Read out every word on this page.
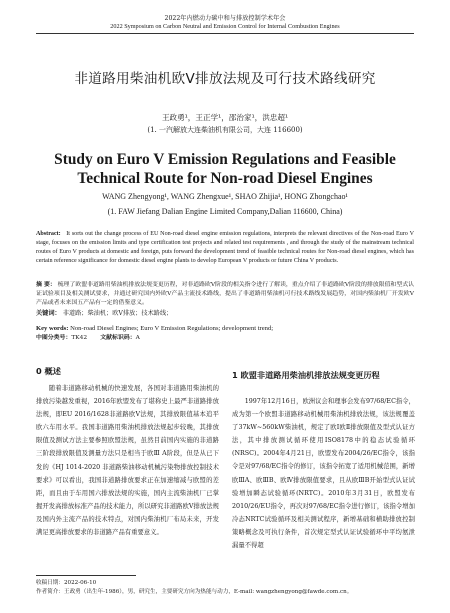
2022年内燃动力碳中和与排放控制学术年会
2022 Symposium on Carbon Neutral and Emission Control for Internal Combustion Engines
非道路用柴油机欧Ⅴ排放法规及可行技术路线研究
王政勇¹，王正学¹，邵治家¹，洪忠超¹
(1. 一汽解放大连柴油机有限公司，大连 116600)
Study on Euro V Emission Regulations and Feasible
Technical Route for Non-road Diesel Engines
WANG Zhengyong¹, WANG Zhengxue¹, SHAO Zhijia¹, HONG Zhongchao¹
(1. FAW Jiefang Dalian Engine Limited Company,Dalian 116600, China)
Abstract: It sorts out the change process of EU Non-road diesel engine emission regulations, interprets the relevant directives of the Non-road Euro V stage, focuses on the emission limits and type certification test projects and related test requirements , and through the study of the mainstream technical routes of Euro V products at domestic and foreign, puts forward the development trend of feasible technical routes for Non-road diesel engines, which has certain reference significance for domestic diesel engine plants to develop European V products or future China V products.
摘 要： 梳理了欧盟非道路用柴油机排放法规变更历程，对非道路欧Ⅴ阶段的相关指令进行了解读，重点介绍了非道路欧Ⅴ阶段的排放限值和型式认证试验项目及相关测试要求，并通过研究国内外欧Ⅴ产品主流技术路线，提出了非道路用柴油机可行技术路线发展趋势，对国内柴油机厂开发欧Ⅴ产品或者未来国五产品有一定的借鉴意义。
关键词： 非道路；柴油机；欧Ⅴ排放；技术路线；
Key words: Non-road Diesel Engines; Euro V Emission Regulations; development trend;
中图分类号：TK42 文献标识码：A
0 概述

随着非道路移动机械的快速发展，各国对非道路用柴油机的排放污染越发重视，2016年欧盟发布了堪称史上最严非道路排放法规，即EU 2016/1628非道路欧Ⅴ法规，其排放限值基本追平欧六车用水平。我国非道路用柴油机排放法规起步较晚，其排放限值及测试方法主要参照欧盟法规，虽然目前国内实施的非道路三阶段排放限值及测量方法只是相当于欧Ⅲ A阶段，但是从已下发的《HJ 1014-2020 非道路柴油移动机械污染物排放控制技术要求》可以看出，我国非道路排放要求正在加速缩减与欧盟的差距，而且由于车用国六排放法规的实施，国内主流柴油机厂已掌握开发高排放标准产品的技术能力，所以研究非道路欧Ⅴ排放法规及国内外主流产品的技术特点，对国内柴油机厂布局未来，开发满足更高排放要求的非道路产品有重要意义。

1 欧盟非道路用柴油机排放法规变更历程

1997年12月16日，欧洲议会和理事会发布97/68/EC指令，成为第一个欧盟非道路移动机械用柴油机排放法规，该法规覆盖了37kW~560kW柴油机，规定了欧Ⅰ欧Ⅱ排放限值及型式认证方法，其中排放测试循环使用ISO8178中的稳态试验循环(NRSC)。2004年4月21日，欧盟发布2004/26/EC指令，该指令是对97/68/EC指令的修订，该指令拓宽了适用机械范围，新增欧ⅢA、欧ⅢB、欧Ⅳ排放限值要求，且从欧ⅢB开始型式认证试验增加瞬态试验循环(NRTC)。2010年3月31日，欧盟发布2010/26/EU指令，再次对97/68/EC指令进行修订，该指令增加冷态NRTC试验循环及相关测试程序，新增基础和横助排放控制策略概念及可执行条件，首次规定型式认证试验循环中平均氨泄漏量不得超

收稿日期：2022-06-10
作者简介：王政勇（出生年-1986），男，研究生，主要研究方向为热能与动力，E-mail: wangzhengyong@fawde.com.cn。
